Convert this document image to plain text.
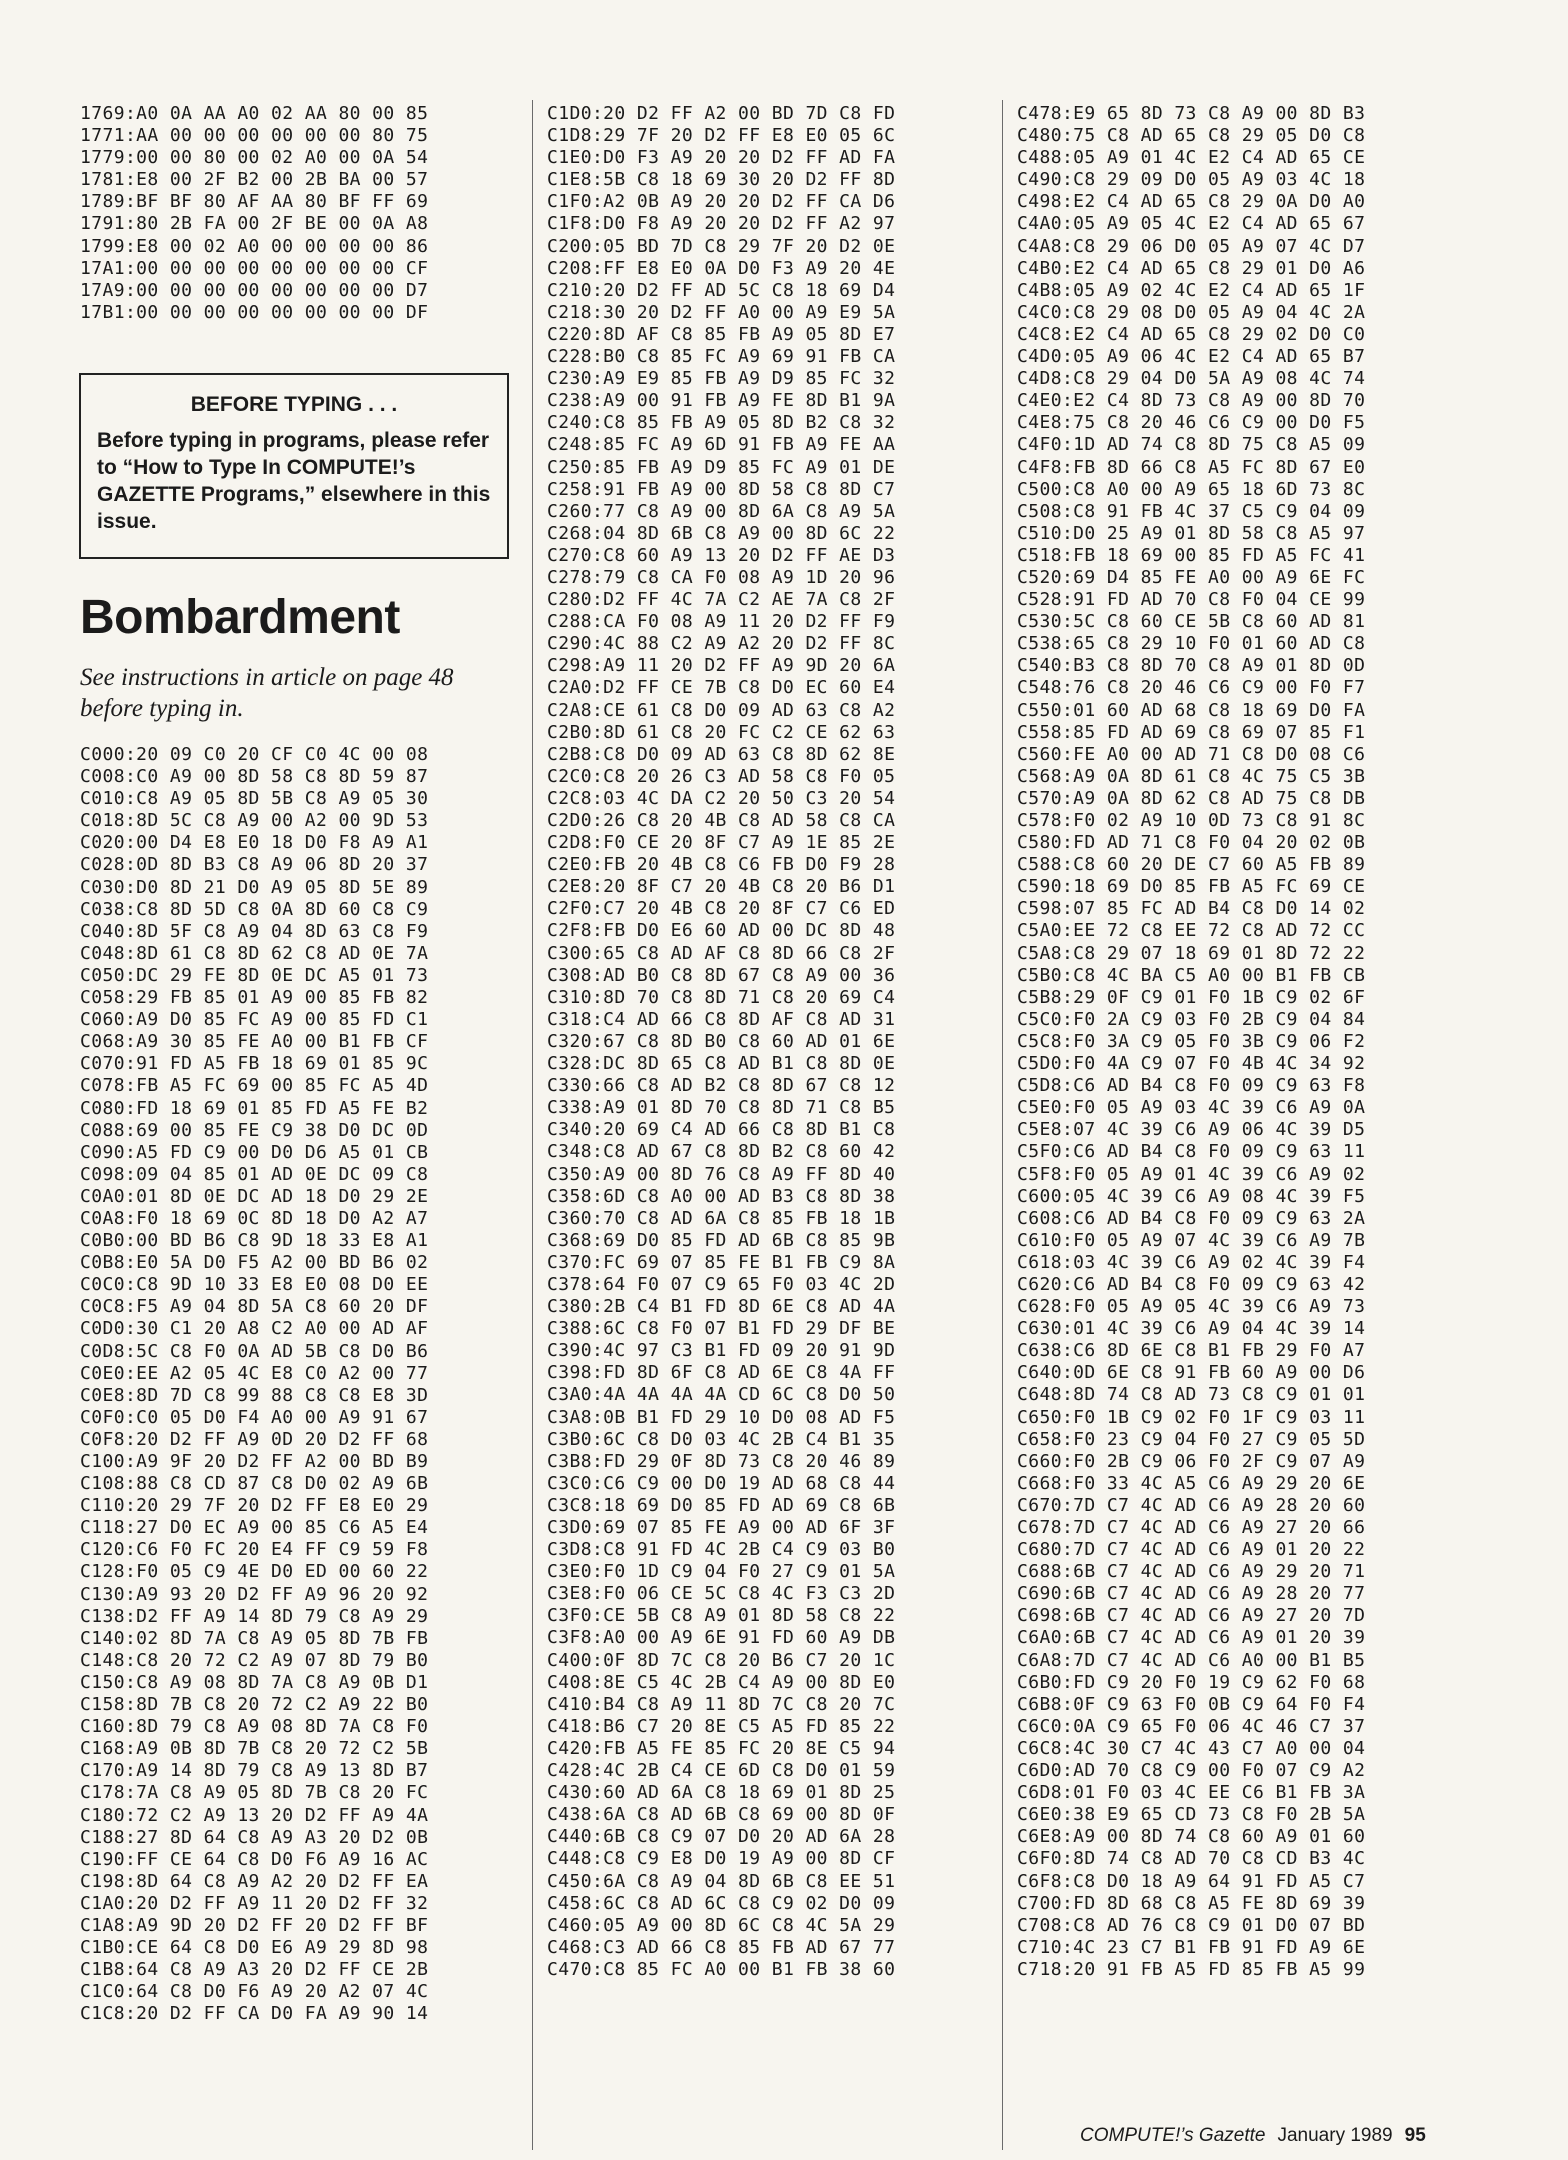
1769:A0 0A AA A0 02 AA 80 00 85
1771:AA 00 00 00 00 00 00 80 75
1779:00 00 80 00 02 A0 00 0A 54
1781:E8 00 2F B2 00 2B BA 00 57
1789:BF BF 80 AF AA 80 BF FF 69
1791:80 2B FA 00 2F BE 00 0A A8
1799:E8 00 02 A0 00 00 00 00 86
17A1:00 00 00 00 00 00 00 00 CF
17A9:00 00 00 00 00 00 00 00 D7
17B1:00 00 00 00 00 00 00 00 DF
BEFORE TYPING . . .
Before typing in programs, please refer to “How to Type In COMPUTE!’s GAZETTE Programs,” elsewhere in this issue.
Bombardment
See instructions in article on page 48 before typing in.
C000:20 09 C0 20 CF C0 4C 00 08
C008:C0 A9 00 8D 58 C8 8D 59 87
C010:C8 A9 05 8D 5B C8 A9 05 30
C018:8D 5C C8 A9 00 A2 00 9D 53
C020:00 D4 E8 E0 18 D0 F8 A9 A1
C028:0D 8D B3 C8 A9 06 8D 20 37
C030:D0 8D 21 D0 A9 05 8D 5E 89
C038:C8 8D 5D C8 0A 8D 60 C8 C9
C040:8D 5F C8 A9 04 8D 63 C8 F9
C048:8D 61 C8 8D 62 C8 AD 0E 7A
C050:DC 29 FE 8D 0E DC A5 01 73
C058:29 FB 85 01 A9 00 85 FB 82
C060:A9 D0 85 FC A9 00 85 FD C1
C068:A9 30 85 FE A0 00 B1 FB CF
C070:91 FD A5 FB 18 69 01 85 9C
C078:FB A5 FC 69 00 85 FC A5 4D
C080:FD 18 69 01 85 FD A5 FE B2
C088:69 00 85 FE C9 38 D0 DC 0D
C090:A5 FD C9 00 D0 D6 A5 01 CB
C098:09 04 85 01 AD 0E DC 09 C8
C0A0:01 8D 0E DC AD 18 D0 29 2E
C0A8:F0 18 69 0C 8D 18 D0 A2 A7
C0B0:00 BD B6 C8 9D 18 33 E8 A1
C0B8:E0 5A D0 F5 A2 00 BD B6 02
C0C0:C8 9D 10 33 E8 E0 08 D0 EE
C0C8:F5 A9 04 8D 5A C8 60 20 DF
C0D0:30 C1 20 A8 C2 A0 00 AD AF
C0D8:5C C8 F0 0A AD 5B C8 D0 B6
C0E0:EE A2 05 4C E8 C0 A2 00 77
C0E8:8D 7D C8 99 88 C8 C8 E8 3D
C0F0:C0 05 D0 F4 A0 00 A9 91 67
C0F8:20 D2 FF A9 0D 20 D2 FF 68
C100:A9 9F 20 D2 FF A2 00 BD B9
C108:88 C8 CD 87 C8 D0 02 A9 6B
C110:20 29 7F 20 D2 FF E8 E0 29
C118:27 D0 EC A9 00 85 C6 A5 E4
C120:C6 F0 FC 20 E4 FF C9 59 F8
C128:F0 05 C9 4E D0 ED 00 60 22
C130:A9 93 20 D2 FF A9 96 20 92
C138:D2 FF A9 14 8D 79 C8 A9 29
C140:02 8D 7A C8 A9 05 8D 7B FB
C148:C8 20 72 C2 A9 07 8D 79 B0
C150:C8 A9 08 8D 7A C8 A9 0B D1
C158:8D 7B C8 20 72 C2 A9 22 B0
C160:8D 79 C8 A9 08 8D 7A C8 F0
C168:A9 0B 8D 7B C8 20 72 C2 5B
C170:A9 14 8D 79 C8 A9 13 8D B7
C178:7A C8 A9 05 8D 7B C8 20 FC
C180:72 C2 A9 13 20 D2 FF A9 4A
C188:27 8D 64 C8 A9 A3 20 D2 0B
C190:FF CE 64 C8 D0 F6 A9 16 AC
C198:8D 64 C8 A9 A2 20 D2 FF EA
C1A0:20 D2 FF A9 11 20 D2 FF 32
C1A8:A9 9D 20 D2 FF 20 D2 FF BF
C1B0:CE 64 C8 D0 E6 A9 29 8D 98
C1B8:64 C8 A9 A3 20 D2 FF CE 2B
C1C0:64 C8 D0 F6 A9 20 A2 07 4C
C1C8:20 D2 FF CA D0 FA A9 90 14
C1D0:20 D2 FF A2 00 BD 7D C8 FD
C1D8:29 7F 20 D2 FF E8 E0 05 6C
C1E0:D0 F3 A9 20 20 D2 FF AD FA
C1E8:5B C8 18 69 30 20 D2 FF 8D
C1F0:A2 0B A9 20 20 D2 FF CA D6
C1F8:D0 F8 A9 20 20 D2 FF A2 97
C200:05 BD 7D C8 29 7F 20 D2 0E
C208:FF E8 E0 0A D0 F3 A9 20 4E
C210:20 D2 FF AD 5C C8 18 69 D4
C218:30 20 D2 FF A0 00 A9 E9 5A
C220:8D AF C8 85 FB A9 05 8D E7
C228:B0 C8 85 FC A9 69 91 FB CA
C230:A9 E9 85 FB A9 D9 85 FC 32
C238:A9 00 91 FB A9 FE 8D B1 9A
C240:C8 85 FB A9 05 8D B2 C8 32
C248:85 FC A9 6D 91 FB A9 FE AA
C250:85 FB A9 D9 85 FC A9 01 DE
C258:91 FB A9 00 8D 58 C8 8D C7
C260:77 C8 A9 00 8D 6A C8 A9 5A
C268:04 8D 6B C8 A9 00 8D 6C 22
C270:C8 60 A9 13 20 D2 FF AE D3
C278:79 C8 CA F0 08 A9 1D 20 96
C280:D2 FF 4C 7A C2 AE 7A C8 2F
C288:CA F0 08 A9 11 20 D2 FF F9
C290:4C 88 C2 A9 A2 20 D2 FF 8C
C298:A9 11 20 D2 FF A9 9D 20 6A
C2A0:D2 FF CE 7B C8 D0 EC 60 E4
C2A8:CE 61 C8 D0 09 AD 63 C8 A2
C2B0:8D 61 C8 20 FC C2 CE 62 63
C2B8:C8 D0 09 AD 63 C8 8D 62 8E
C2C0:C8 20 26 C3 AD 58 C8 F0 05
C2C8:03 4C DA C2 20 50 C3 20 54
C2D0:26 C8 20 4B C8 AD 58 C8 CA
C2D8:F0 CE 20 8F C7 A9 1E 85 2E
C2E0:FB 20 4B C8 C6 FB D0 F9 28
C2E8:20 8F C7 20 4B C8 20 B6 D1
C2F0:C7 20 4B C8 20 8F C7 C6 ED
C2F8:FB D0 E6 60 AD 00 DC 8D 48
C300:65 C8 AD AF C8 8D 66 C8 2F
C308:AD B0 C8 8D 67 C8 A9 00 36
C310:8D 70 C8 8D 71 C8 20 69 C4
C318:C4 AD 66 C8 8D AF C8 AD 31
C320:67 C8 8D B0 C8 60 AD 01 6E
C328:DC 8D 65 C8 AD B1 C8 8D 0E
C330:66 C8 AD B2 C8 8D 67 C8 12
C338:A9 01 8D 70 C8 8D 71 C8 B5
C340:20 69 C4 AD 66 C8 8D B1 C8
C348:C8 AD 67 C8 8D B2 C8 60 42
C350:A9 00 8D 76 C8 A9 FF 8D 40
C358:6D C8 A0 00 AD B3 C8 8D 38
C360:70 C8 AD 6A C8 85 FB 18 1B
C368:69 D0 85 FD AD 6B C8 85 9B
C370:FC 69 07 85 FE B1 FB C9 8A
C378:64 F0 07 C9 65 F0 03 4C 2D
C380:2B C4 B1 FD 8D 6E C8 AD 4A
C388:6C C8 F0 07 B1 FD 29 DF BE
C390:4C 97 C3 B1 FD 09 20 91 9D
C398:FD 8D 6F C8 AD 6E C8 4A FF
C3A0:4A 4A 4A 4A CD 6C C8 D0 50
C3A8:0B B1 FD 29 10 D0 08 AD F5
C3B0:6C C8 D0 03 4C 2B C4 B1 35
C3B8:FD 29 0F 8D 73 C8 20 46 89
C3C0:C6 C9 00 D0 19 AD 68 C8 44
C3C8:18 69 D0 85 FD AD 69 C8 6B
C3D0:69 07 85 FE A9 00 AD 6F 3F
C3D8:C8 91 FD 4C 2B C4 C9 03 B0
C3E0:F0 1D C9 04 F0 27 C9 01 5A
C3E8:F0 06 CE 5C C8 4C F3 C3 2D
C3F0:CE 5B C8 A9 01 8D 58 C8 22
C3F8:A0 00 A9 6E 91 FD 60 A9 DB
C400:0F 8D 7C C8 20 B6 C7 20 1C
C408:8E C5 4C 2B C4 A9 00 8D E0
C410:B4 C8 A9 11 8D 7C C8 20 7C
C418:B6 C7 20 8E C5 A5 FD 85 22
C420:FB A5 FE 85 FC 20 8E C5 94
C428:4C 2B C4 CE 6D C8 D0 01 59
C430:60 AD 6A C8 18 69 01 8D 25
C438:6A C8 AD 6B C8 69 00 8D 0F
C440:6B C8 C9 07 D0 20 AD 6A 28
C448:C8 C9 E8 D0 19 A9 00 8D CF
C450:6A C8 A9 04 8D 6B C8 EE 51
C458:6C C8 AD 6C C8 C9 02 D0 09
C460:05 A9 00 8D 6C C8 4C 5A 29
C468:C3 AD 66 C8 85 FB AD 67 77
C470:C8 85 FC A0 00 B1 FB 38 60
C478:E9 65 8D 73 C8 A9 00 8D B3
C480:75 C8 AD 65 C8 29 05 D0 C8
C488:05 A9 01 4C E2 C4 AD 65 CE
C490:C8 29 09 D0 05 A9 03 4C 18
C498:E2 C4 AD 65 C8 29 0A D0 A0
C4A0:05 A9 05 4C E2 C4 AD 65 67
C4A8:C8 29 06 D0 05 A9 07 4C D7
C4B0:E2 C4 AD 65 C8 29 01 D0 A6
C4B8:05 A9 02 4C E2 C4 AD 65 1F
C4C0:C8 29 08 D0 05 A9 04 4C 2A
C4C8:E2 C4 AD 65 C8 29 02 D0 C0
C4D0:05 A9 06 4C E2 C4 AD 65 B7
C4D8:C8 29 04 D0 5A A9 08 4C 74
C4E0:E2 C4 8D 73 C8 A9 00 8D 70
C4E8:75 C8 20 46 C6 C9 00 D0 F5
C4F0:1D AD 74 C8 8D 75 C8 A5 09
C4F8:FB 8D 66 C8 A5 FC 8D 67 E0
C500:C8 A0 00 A9 65 18 6D 73 8C
C508:C8 91 FB 4C 37 C5 C9 04 09
C510:D0 25 A9 01 8D 58 C8 A5 97
C518:FB 18 69 00 85 FD A5 FC 41
C520:69 D4 85 FE A0 00 A9 6E FC
C528:91 FD AD 70 C8 F0 04 CE 99
C530:5C C8 60 CE 5B C8 60 AD 81
C538:65 C8 29 10 F0 01 60 AD C8
C540:B3 C8 8D 70 C8 A9 01 8D 0D
C548:76 C8 20 46 C6 C9 00 F0 F7
C550:01 60 AD 68 C8 18 69 D0 FA
C558:85 FD AD 69 C8 69 07 85 F1
C560:FE A0 00 AD 71 C8 D0 08 C6
C568:A9 0A 8D 61 C8 4C 75 C5 3B
C570:A9 0A 8D 62 C8 AD 75 C8 DB
C578:F0 02 A9 10 0D 73 C8 91 8C
C580:FD AD 71 C8 F0 04 20 02 0B
C588:C8 60 20 DE C7 60 A5 FB 89
C590:18 69 D0 85 FB A5 FC 69 CE
C598:07 85 FC AD B4 C8 D0 14 02
C5A0:EE 72 C8 EE 72 C8 AD 72 CC
C5A8:C8 29 07 18 69 01 8D 72 22
C5B0:C8 4C BA C5 A0 00 B1 FB CB
C5B8:29 0F C9 01 F0 1B C9 02 6F
C5C0:F0 2A C9 03 F0 2B C9 04 84
C5C8:F0 3A C9 05 F0 3B C9 06 F2
C5D0:F0 4A C9 07 F0 4B 4C 34 92
C5D8:C6 AD B4 C8 F0 09 C9 63 F8
C5E0:F0 05 A9 03 4C 39 C6 A9 0A
C5E8:07 4C 39 C6 A9 06 4C 39 D5
C5F0:C6 AD B4 C8 F0 09 C9 63 11
C5F8:F0 05 A9 01 4C 39 C6 A9 02
C600:05 4C 39 C6 A9 08 4C 39 F5
C608:C6 AD B4 C8 F0 09 C9 63 2A
C610:F0 05 A9 07 4C 39 C6 A9 7B
C618:03 4C 39 C6 A9 02 4C 39 F4
C620:C6 AD B4 C8 F0 09 C9 63 42
C628:F0 05 A9 05 4C 39 C6 A9 73
C630:01 4C 39 C6 A9 04 4C 39 14
C638:C6 8D 6E C8 B1 FB 29 F0 A7
C640:0D 6E C8 91 FB 60 A9 00 D6
C648:8D 74 C8 AD 73 C8 C9 01 01
C650:F0 1B C9 02 F0 1F C9 03 11
C658:F0 23 C9 04 F0 27 C9 05 5D
C660:F0 2B C9 06 F0 2F C9 07 A9
C668:F0 33 4C A5 C6 A9 29 20 6E
C670:7D C7 4C AD C6 A9 28 20 60
C678:7D C7 4C AD C6 A9 27 20 66
C680:7D C7 4C AD C6 A9 01 20 22
C688:6B C7 4C AD C6 A9 29 20 71
C690:6B C7 4C AD C6 A9 28 20 77
C698:6B C7 4C AD C6 A9 27 20 7D
C6A0:6B C7 4C AD C6 A9 01 20 39
C6A8:7D C7 4C AD C6 A0 00 B1 B5
C6B0:FD C9 20 F0 19 C9 62 F0 68
C6B8:0F C9 63 F0 0B C9 64 F0 F4
C6C0:0A C9 65 F0 06 4C 46 C7 37
C6C8:4C 30 C7 4C 43 C7 A0 00 04
C6D0:AD 70 C8 C9 00 F0 07 C9 A2
C6D8:01 F0 03 4C EE C6 B1 FB 3A
C6E0:38 E9 65 CD 73 C8 F0 2B 5A
C6E8:A9 00 8D 74 C8 60 A9 01 60
C6F0:8D 74 C8 AD 70 C8 CD B3 4C
C6F8:C8 D0 18 A9 64 91 FD A5 C7
C700:FD 8D 68 C8 A5 FE 8D 69 39
C708:C8 AD 76 C8 C9 01 D0 07 BD
C710:4C 23 C7 B1 FB 91 FD A9 6E
C718:20 91 FB A5 FD 85 FB A5 99
COMPUTE!’s Gazette January 1989 95
